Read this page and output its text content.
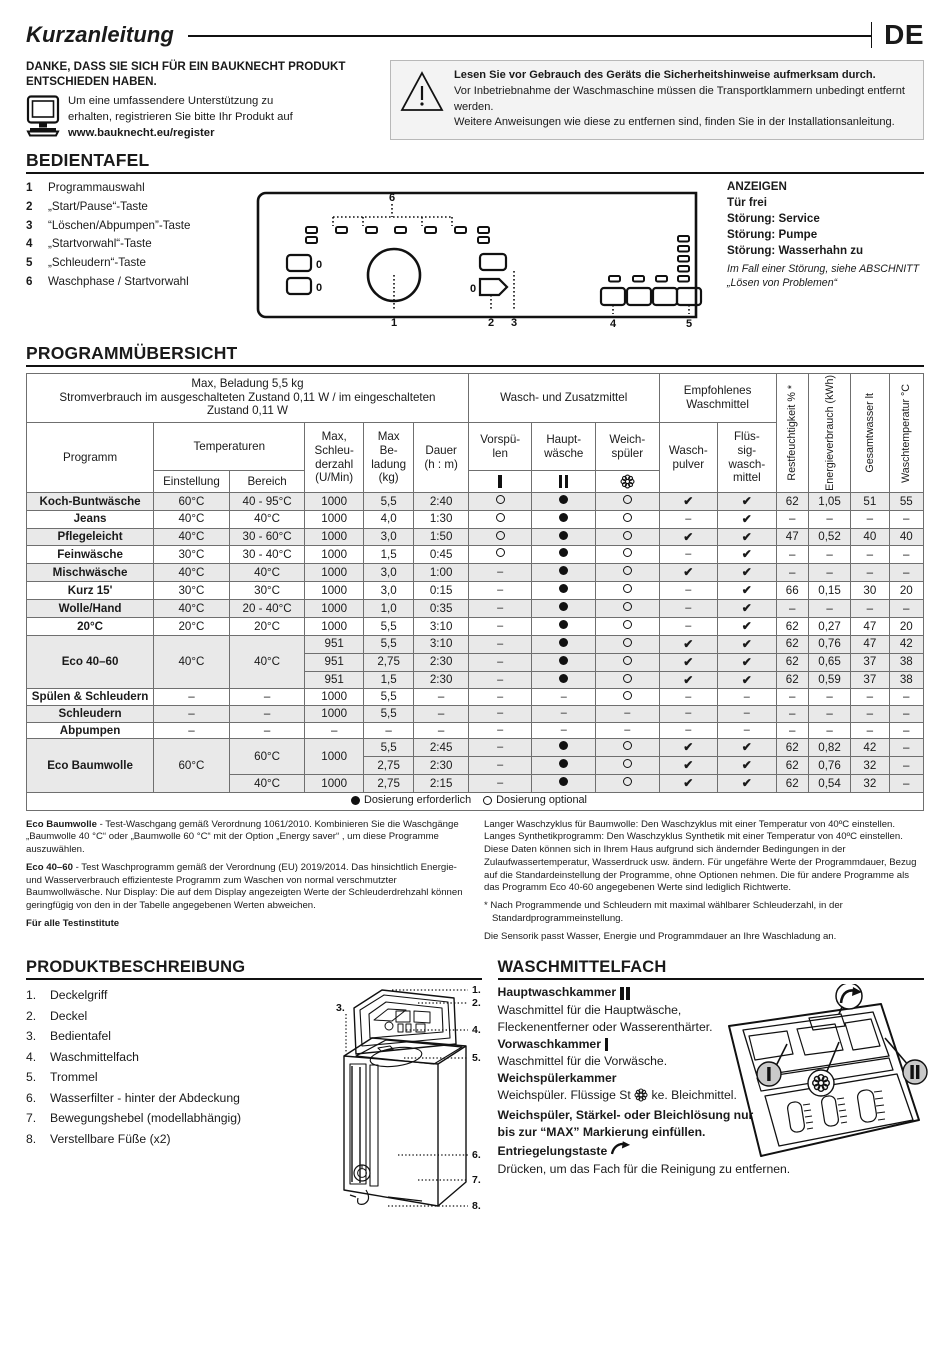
Kurzanleitung	DE
DANKE, DASS SIE SICH FÜR EIN BAUKNECHT PRODUKT ENTSCHIEDEN HABEN.
Um eine umfassendere Unterstützung zu
erhalten, registrieren Sie bitte Ihr Produkt auf
www.bauknecht.eu/register
Lesen Sie vor Gebrauch des Geräts die Sicherheitshinweise aufmerksam durch.
Vor Inbetriebnahme der Waschmaschine müssen die Transportklammern unbedingt entfernt werden.
Weitere Anweisungen wie diese zu entfernen sind, finden Sie in der Installationsanleitung.
BEDIENTAFEL
1	Programmauswahl
2	„Start/Pause“-Taste
3	“Löschen/Abpumpen”-Taste
4	„Startvorwahl“-Taste
5	„Schleudern“-Taste
6	Waschphase / Startvorwahl
6
0
0
1
0
2 3	4	5
ANZEIGEN
Tür frei
Störung: Service
Störung: Pumpe
Störung: Wasserhahn zu
Im Fall einer Störung, siehe ABSCHNITT
„Lösen von Problemen“
PROGRAMMÜBERSICHT
Max, Beladung 5,5 kg
Stromverbrauch im ausgeschalteten Zustand 0,11 W / im eingeschalteten
Zustand 0,11 W
	Wasch- und Zusatzmittel	
Empfohlenes
Waschmittel	Restfeuchtigkeit % *	Energieverbrauch (kWh)	Gesamtwasser lt	Waschtemperatur °C

Programm	Temperaturen	
Max,
Schleu-
derzahl
(U/Min)

Max
Be-
ladung
(kg)

Dauer
(h : m)

Vorspü-
len

Haupt-
wäsche

Weich-
spüler	Wasch-
pulver

Flüs-
sig-
wasch-
mittel

	Einstellung	Bereich			
Koch-Buntwäsche	60°C	40 - 95°C	1000	5,5	2:40				✔	✔	62	1,05	51	55
Jeans	40°C	40°C	1000	4,0	1:30				–	✔	–	–	–	–
Pflegeleicht	40°C	30 - 60°C	1000	3,0	1:50				✔	✔	47	0,52	40	40
Feinwäsche	30°C	30 - 40°C	1000	1,5	0:45				–	✔	–	–	–	–
Mischwäsche	40°C	40°C	1000	3,0	1:00	–			✔	✔	–	–	–	–
Kurz 15'	30°C	30°C	1000	3,0	0:15	–			–	✔	66	0,15	30	20
Wolle/Hand	40°C	20 - 40°C	1000	1,0	0:35	–			–	✔	–	–	–	–
20°C	20°C	20°C	1000	5,5	3:10	–			–	✔	62	0,27	47	20
Eco 40–60	40°C	40°C	951	5,5	3:10	–			✔	✔	62	0,76	47	42
			951	2,75	2:30	–			✔	✔	62	0,65	37	38
			951	1,5	2:30	–			✔	✔	62	0,59	37	38
Spülen & Schleudern	–	–	1000	5,5	–	–	–		–	–	–	–	–	–
Schleudern	–	–	1000	5,5	–	–	–	–	–	–	–	–	–	–
Abpumpen	–	–	–	–	–	–	–	–	–	–	–	–	–	–
Eco Baumwolle	60°C	60°C	1000	5,5	2:45	–			✔	✔	62	0,82	42	–
				2,75	2:30	–			✔	✔	62	0,76	32	–
		40°C	1000	2,75	2:15	–			✔	✔	62	0,54	32	–

Dosierung erforderlich Dosierung optional														

Eco Baumwolle - Test-Waschgang gemäß Verordnung 1061/2010. Kombinieren Sie die Waschgänge „Baumwolle 40 °C“ oder „Baumwolle 60 °C“ mit der Option „Energy saver“ , um diese Programme auszuwählen.

Eco 40–60 - Test Waschprogramm gemäß der Verordnung (EU) 2019/2014. Das hinsichtlich Energie- und Wasserverbrauch effizienteste Programm zum Waschen von normal verschmutzter Baumwollwäsche. Nur Display: Die auf dem Display angezeigten Werte der Schleuderdrehzahl können geringfügig von den in der Tabelle angegebenen Werten abweichen.

Für alle Testinstitute

Langer Waschzyklus für Baumwolle: Den Waschzyklus mit einer Temperatur von 40ºC einstellen. Langes Synthetikprogramm: Den Waschzyklus Synthetik mit einer Temperatur von 40ºC einstellen. Diese Daten können sich in Ihrem Haus aufgrund sich ändernder Bedingungen in der Zulaufwassertemperatur, Wasserdruck usw. ändern. Für ungefähre Werte der Programmdauer, Bezug auf die Standardeinstellung der Programme, ohne Optionen nehmen. Die für andere Programme als das Programm Eco 40-60 angegebenen Werte sind lediglich Richtwerte.

* Nach Programmende und Schleudern mit maximal wählbarer Schleuderzahl, in der Standardprogrammeinstellung.

Die Sensorik passt Wasser, Energie und Programmdauer an Ihre Waschladung an.

PRODUKTBESCHREIBUNG
1.	Deckelgriff
2.	Deckel
3.	Bedientafel
4.	Waschmittelfach
5.	Trommel
6.	Wasserfilter - hinter der Abdeckung
7.	Bewegungshebel (modellabhängig)
8.	Verstellbare Füße (x2)
1.
2.
3.
4.
5.
6.
7.
8.
WASCHMITTELFACH
Hauptwaschkammer
Waschmittel für die Hauptwäsche,
Fleckenentferner oder Wasserenthärter.
Vorwaschkammer
Waschmittel für die Vorwäsche.
Weichspülerkammer
Weichspüler. Flüssige St ke. Bleichmittel.
Weichspüler, Stärkel- oder Bleichlösung nur
bis zur “MAX” Markierung einfüllen.
Entriegelungstaste
Drücken, um das Fach für die Reinigung zu entfernen.
